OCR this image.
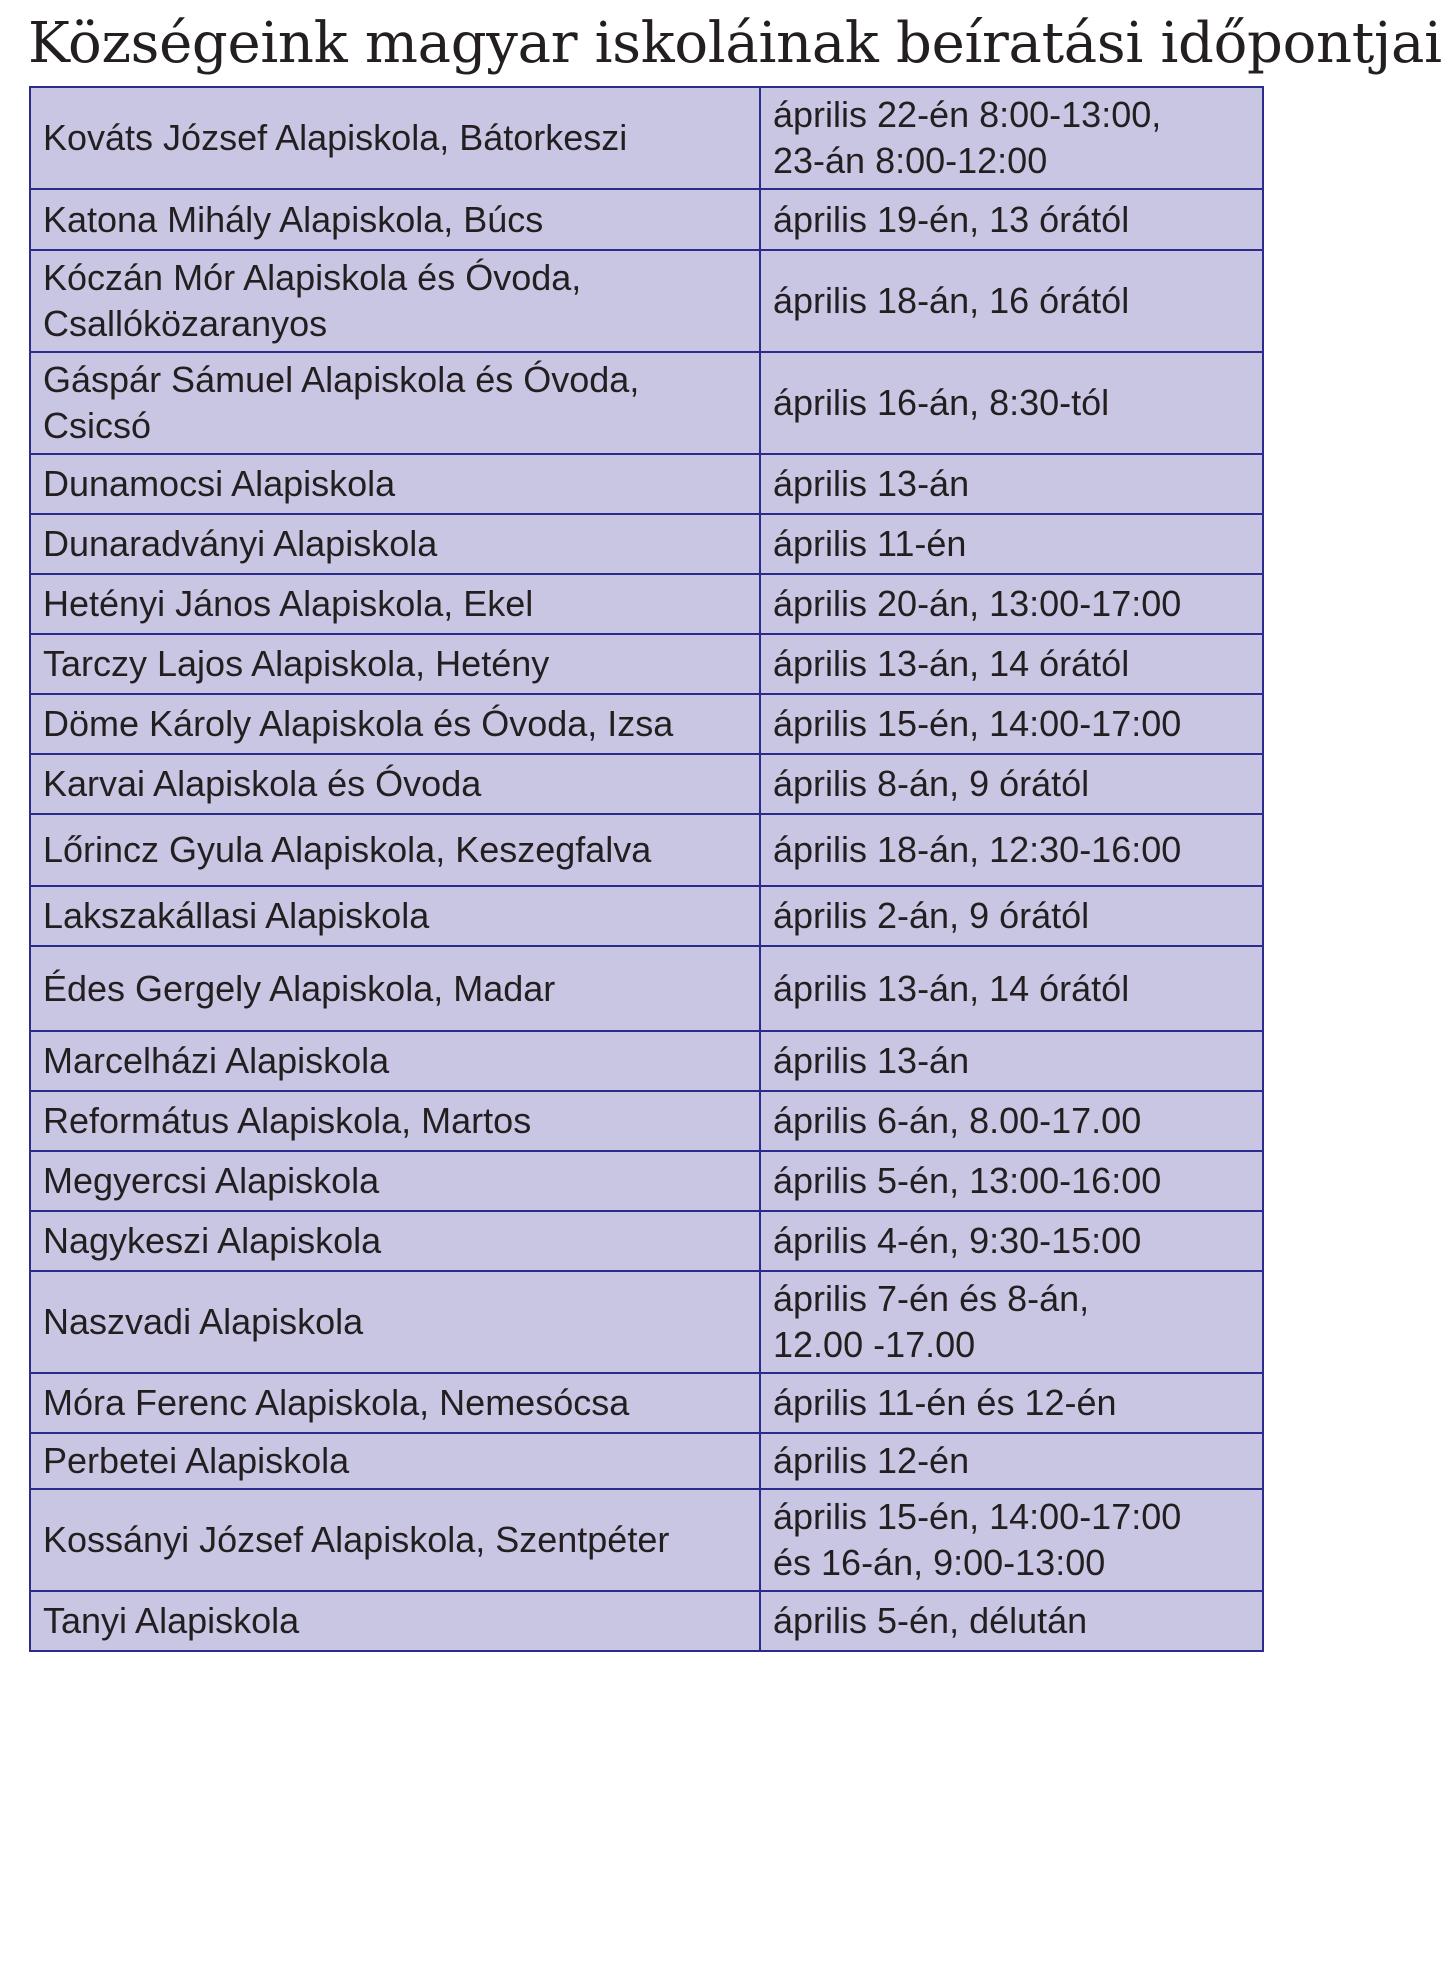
Községeink magyar iskoláinak beíratási időpontjai
Kováts József Alapiskola, Bátorkeszi	április 22-én 8:00-13:00,
23-án 8:00-12:00
Katona Mihály Alapiskola, Búcs	április 19-én, 13 órától
Kóczán Mór Alapiskola és Óvoda,
Csallóközaranyos	április 18-án, 16 órától
Gáspár Sámuel Alapiskola és Óvoda,
Csicsó	április 16-án, 8:30-tól
Dunamocsi Alapiskola	április 13-án
Dunaradványi Alapiskola	április 11-én
Hetényi János Alapiskola, Ekel	április 20-án, 13:00-17:00
Tarczy Lajos Alapiskola, Hetény	április 13-án, 14 órától
Döme Károly Alapiskola és Óvoda, Izsa	április 15-én, 14:00-17:00
Karvai Alapiskola és Óvoda	április 8-án, 9 órától
Lőrincz Gyula Alapiskola, Keszegfalva	április 18-án, 12:30-16:00
Lakszakállasi Alapiskola	április 2-án, 9 órától
Édes Gergely Alapiskola, Madar	április 13-án, 14 órától
Marcelházi Alapiskola	április 13-án
Református Alapiskola, Martos	április 6-án, 8.00-17.00
Megyercsi Alapiskola	április 5-én, 13:00-16:00
Nagykeszi Alapiskola	április 4-én, 9:30-15:00
Naszvadi Alapiskola	április 7-én és 8-án,
12.00 -17.00
Móra Ferenc Alapiskola, Nemesócsa	április 11-én és 12-én
Perbetei Alapiskola	április 12-én
Kossányi József Alapiskola, Szentpéter	április 15-én, 14:00-17:00
és 16-án, 9:00-13:00
Tanyi Alapiskola	április 5-én, délután
